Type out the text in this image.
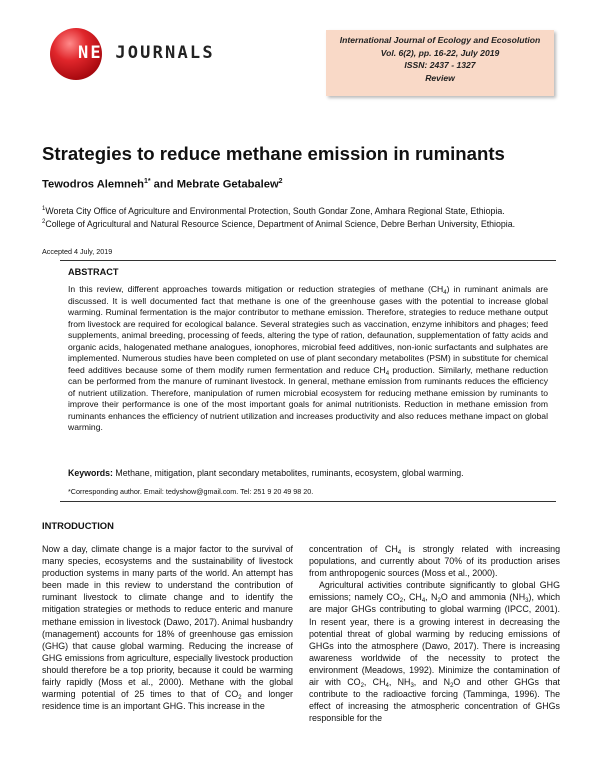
NETJOURNALS
International Journal of Ecology and Ecosolution
Vol. 6(2), pp. 16-22, July 2019
ISSN: 2437 - 1327
Review
Strategies to reduce methane emission in ruminants
Tewodros Alemneh$^{1*}$ and Mebrate Getabalew$^2$
$^1$Woreta City Office of Agriculture and Environmental Protection, South Gondar Zone, Amhara Regional State, Ethiopia.
$^2$College of Agricultural and Natural Resource Science, Department of Animal Science, Debre Berhan University, Ethiopia.
Accepted 4 July, 2019
ABSTRACT

In this review, different approaches towards mitigation or reduction strategies of methane $(CH_4)$ in ruminant animals are discussed. It is well documented fact that methane is one of the greenhouse gases with the potential to increase global warming. Ruminal fermentation is the major contributor to methane emission. Therefore, strategies to reduce methane output from livestock are required for ecological balance. Several strategies such as vaccination, enzyme inhibitors and phages; feed supplements, animal breeding, processing of feeds, altering the type of ration, defaunation, supplementation of fatty acids and organic acids, halogenated methane analogues, ionophores, microbial feed additives, non-ionic surfactants and sulphates are implemented. Numerous studies have been completed on use of plant secondary metabolites (PSM) in substitute for chemical feed additives because some of them modify rumen fermentation and reduce $CH_4$ production. Similarly, methane reduction can be performed from the manure of ruminant livestock. In general, methane emission from ruminants reduces the efficiency of nutrient utilization. Therefore, manipulation of rumen microbial ecosystem for reducing methane emission by ruminants to improve their performance is one of the most important goals for animal nutritionists. Reduction in methane emission from ruminants enhances the efficiency of nutrient utilization and increases productivity and also reduces methane impact on global warming.

Keywords: Methane, mitigation, plant secondary metabolites, ruminants, ecosystem, global warming.
*Corresponding author. Email: tedyshow@gmail.com. Tel: 251 9 20 49 98 20.
INTRODUCTION

Now a day, climate change is a major factor to the survival of many species, ecosystems and the sustainability of livestock production systems in many parts of the world. An attempt has been made in this review to understand the contribution of ruminant livestock to climate change and to identify the mitigation strategies or methods to reduce enteric and manure methane emission in livestock (Dawo, 2017). Animal husbandry (management) accounts for 18% of greenhouse gas emission (GHG) that cause global warming. Reducing the increase of GHG emissions from agriculture, especially livestock production should therefore be a top priority, because it could be warming fairly rapidly (Moss et al., 2000). Methane with the global warming potential of 25 times to that of $CO_2$ and longer residence time is an important GHG. This increase in the

concentration of $CH_4$ is strongly related with increasing populations, and currently about 70% of its production arises from anthropogenic sources (Moss et al., 2000).

Agricultural activities contribute significantly to global GHG emissions; namely $CO_2$, $CH_4$, $N_2O$ and ammonia $(NH_3)$, which are major GHGs contributing to global warming (IPCC, 2001). In resent year, there is a growing interest in decreasing the potential threat of global warming by reducing emissions of GHGs into the atmosphere (Dawo, 2017). There is increasing awareness worldwide of the necessity to protect the environment (Meadows, 1992). Minimize the contamination of air with $CO_2$, $CH_4$, $NH_3$, and $N_2O$ and other GHGs that contribute to the radioactive forcing (Tamminga, 1996). The effect of increasing the atmospheric concentration of GHGs responsible for the
